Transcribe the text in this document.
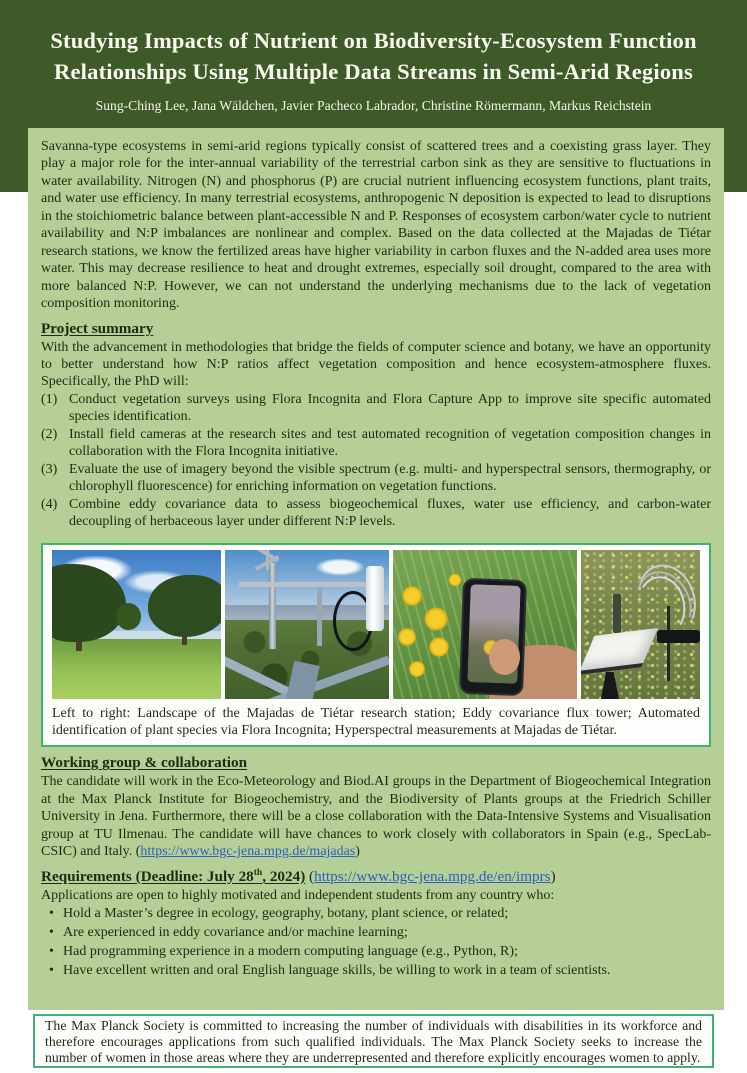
Studying Impacts of Nutrient on Biodiversity-Ecosystem Function
Relationships Using Multiple Data Streams in Semi-Arid Regions
Sung-Ching Lee, Jana Wäldchen, Javier Pacheco Labrador, Christine Römermann, Markus Reichstein

Savanna-type ecosystems in semi-arid regions typically consist of scattered trees and a coexisting grass layer. They play a major role for the inter-annual variability of the terrestrial carbon sink as they are sensitive to fluctuations in water availability. Nitrogen (N) and phosphorus (P) are crucial nutrient influencing ecosystem functions, plant traits, and water use efficiency. In many terrestrial ecosystems, anthropogenic N deposition is expected to lead to disruptions in the stoichiometric balance between plant-accessible N and P. Responses of ecosystem carbon/water cycle to nutrient availability and N:P imbalances are nonlinear and complex. Based on the data collected at the Majadas de Tiétar research stations, we know the fertilized areas have higher variability in carbon fluxes and the N-added area uses more water. This may decrease resilience to heat and drought extremes, especially soil drought, compared to the area with more balanced N:P. However, we can not understand the underlying mechanisms due to the lack of vegetation composition monitoring.

Project summary

With the advancement in methodologies that bridge the fields of computer science and botany, we have an opportunity to better understand how N:P ratios affect vegetation composition and hence ecosystem-atmosphere fluxes. Specifically, the PhD will:

(1) Conduct vegetation surveys using Flora Incognita and Flora Capture App to improve site specific automated species identification.
(2) Install field cameras at the research sites and test automated recognition of vegetation composition changes in collaboration with the Flora Incognita initiative.
(3) Evaluate the use of imagery beyond the visible spectrum (e.g. multi- and hyperspectral sensors, thermography, or chlorophyll fluorescence) for enriching information on vegetation functions.
(4) Combine eddy covariance data to assess biogeochemical fluxes, water use efficiency, and carbon-water decoupling of herbaceous layer under different N:P levels.
Left to right: Landscape of the Majadas de Tiétar research station; Eddy covariance flux tower; Automated identification of plant species via Flora Incognita; Hyperspectral measurements at Majadas de Tiétar.
Working group & collaboration

The candidate will work in the Eco-Meteorology and Biod.AI groups in the Department of Biogeochemical Integration at the Max Planck Institute for Biogeochemistry, and the Biodiversity of Plants groups at the Friedrich Schiller University in Jena. Furthermore, there will be a close collaboration with the Data-Intensive Systems and Visualisation group at TU Ilmenau. The candidate will have chances to work closely with collaborators in Spain (e.g., SpecLab-CSIC) and Italy. (https://www.bgc-jena.mpg.de/majadas)

Requirements (Deadline: July 28th, 2024) (https://www.bgc-jena.mpg.de/en/imprs)

Applications are open to highly motivated and independent students from any country who:

• Hold a Master’s degree in ecology, geography, botany, plant science, or related;
• Are experienced in eddy covariance and/or machine learning;
• Had programming experience in a modern computing language (e.g., Python, R);
• Have excellent written and oral English language skills, be willing to work in a team of scientists.
The Max Planck Society is committed to increasing the number of individuals with disabilities in its workforce and therefore encourages applications from such qualified individuals. The Max Planck Society seeks to increase the number of women in those areas where they are underrepresented and therefore explicitly encourages women to apply.
